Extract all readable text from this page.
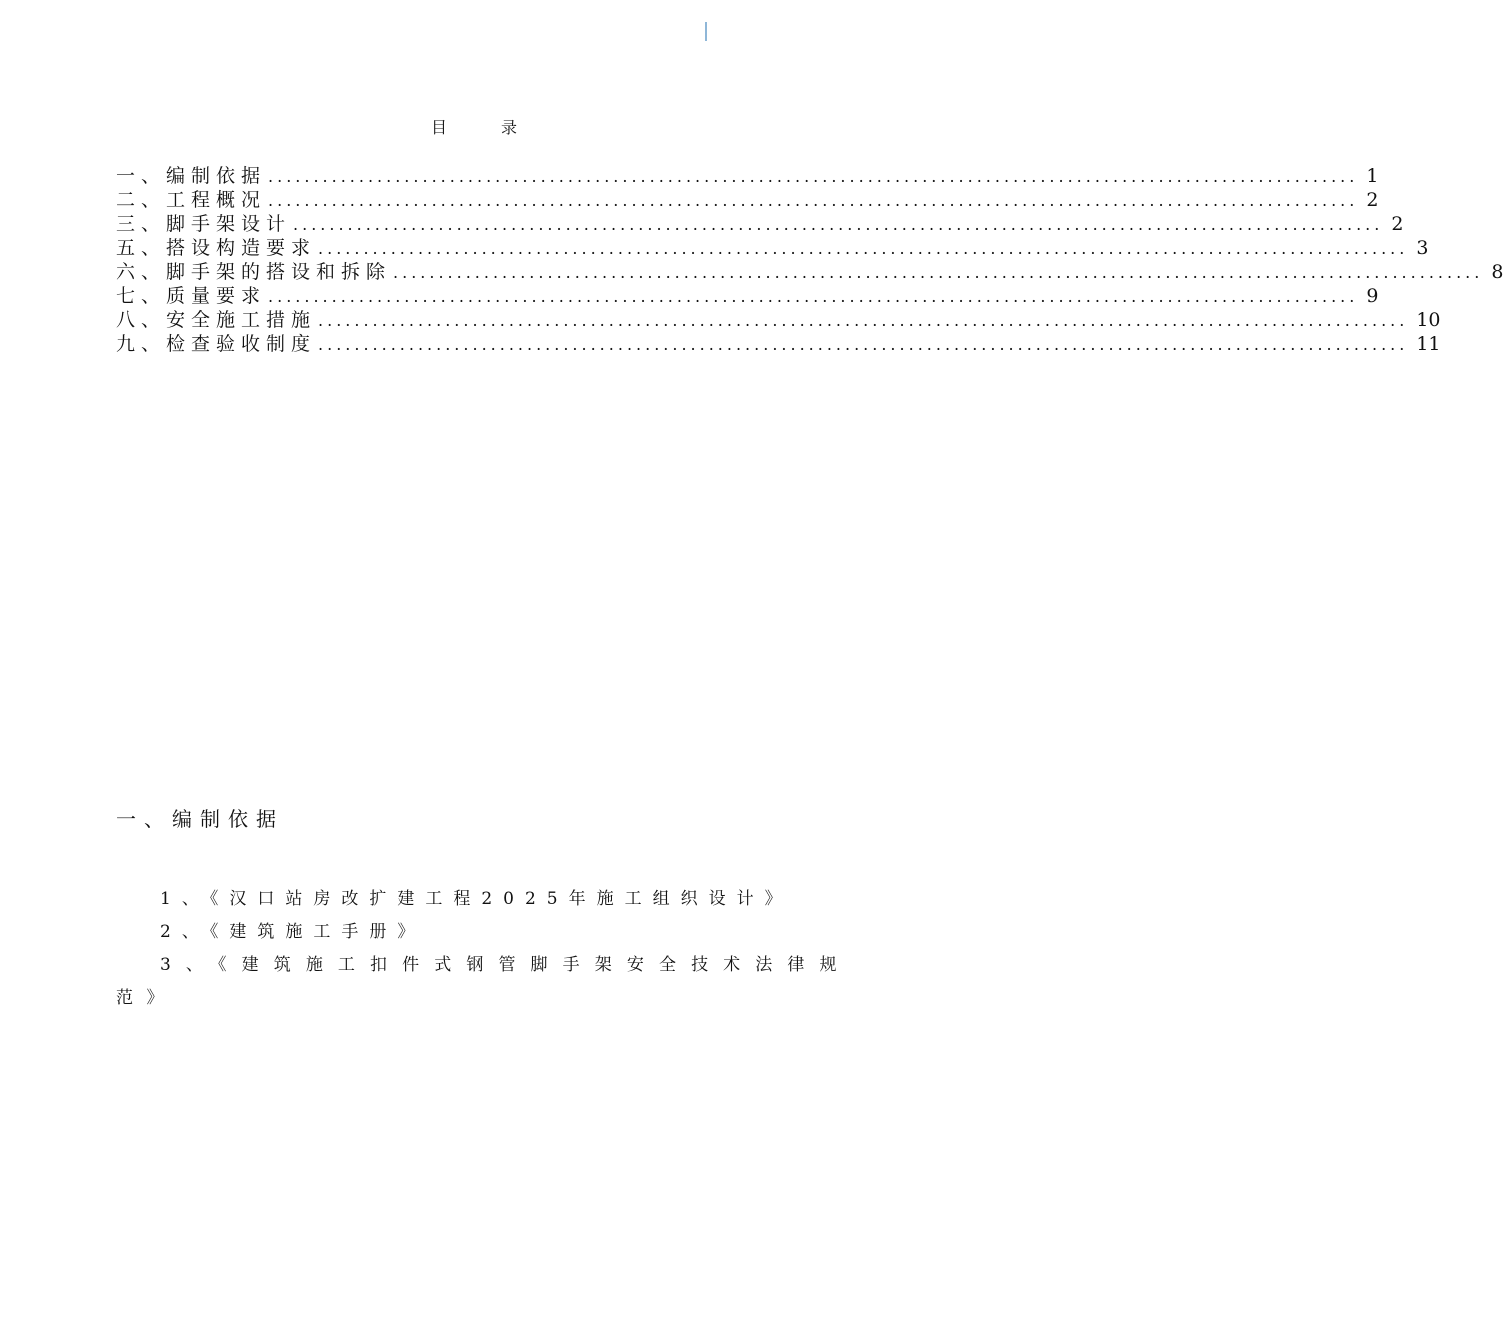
目	录
一、编制依据 ........................................................................................................................ 1
二、工程概况 ........................................................................................................................ 2
三、脚手架设计 ........................................................................................................................ 2
五、搭设构造要求 ........................................................................................................................ 3
六、脚手架的搭设和拆除 ........................................................................................................................ 8
七、质量要求 ........................................................................................................................ 9
八、安全施工措施 ........................................................................................................................ 10
九、检查验收制度 ........................................................................................................................ 11
一、编制依据
1、《汉口站房改扩建工程2025年施工组织设计》
2、《建筑施工手册》
3、《建筑施工扣件式钢管脚手架安全技术法律规范》
